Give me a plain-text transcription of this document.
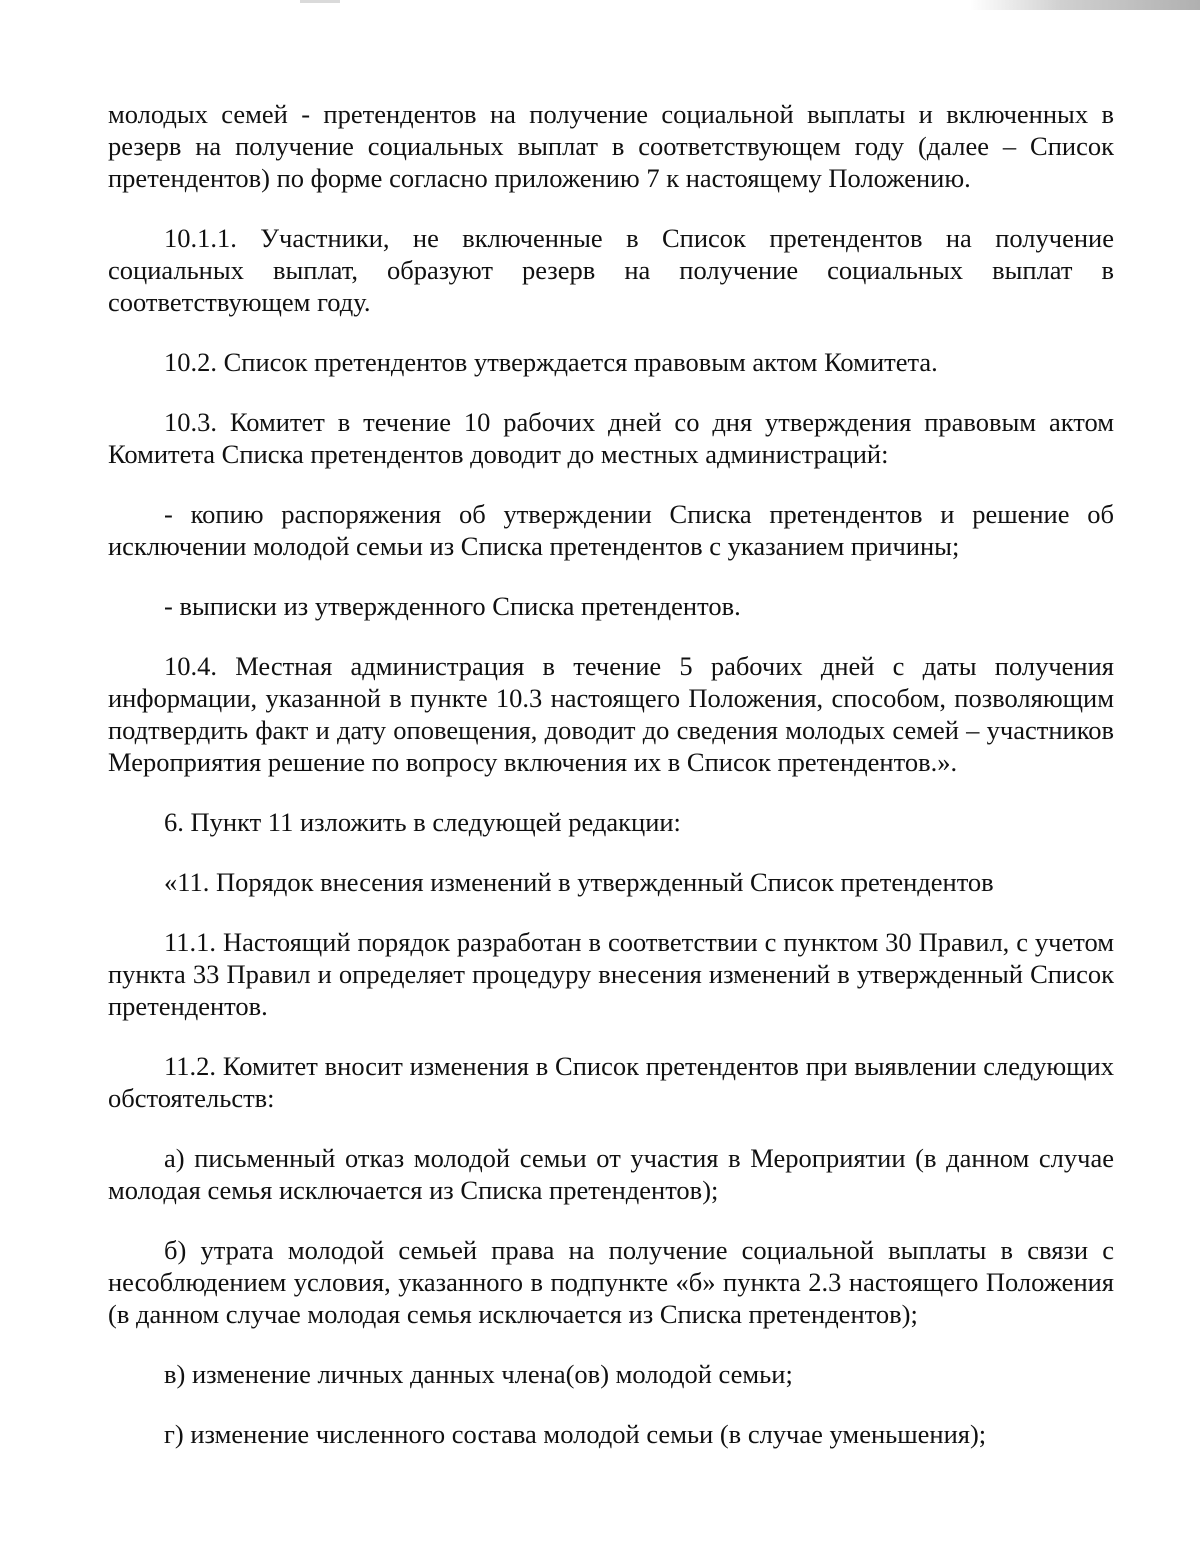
молодых семей - претендентов на получение социальной выплаты и включенных в резерв на получение социальных выплат в соответствующем году (далее – Список претендентов) по форме согласно приложению 7 к настоящему Положению.

10.1.1. Участники, не включенные в Список претендентов на получение социальных выплат, образуют резерв на получение социальных выплат в соответствующем году.

10.2. Список претендентов утверждается правовым актом Комитета.

10.3. Комитет в течение 10 рабочих дней со дня утверждения правовым актом Комитета Списка претендентов доводит до местных администраций:

- копию распоряжения об утверждении Списка претендентов и решение об исключении молодой семьи из Списка претендентов с указанием причины;

- выписки из утвержденного Списка претендентов.

10.4. Местная администрация в течение 5 рабочих дней с даты получения информации, указанной в пункте 10.3 настоящего Положения, способом, позволяющим подтвердить факт и дату оповещения, доводит до сведения молодых семей – участников Мероприятия решение по вопросу включения их в Список претендентов.».

6. Пункт 11 изложить в следующей редакции:

«11. Порядок внесения изменений в утвержденный Список претендентов

11.1. Настоящий порядок разработан в соответствии с пунктом 30 Правил, с учетом пункта 33 Правил и определяет процедуру внесения изменений в утвержденный Список претендентов.

11.2. Комитет вносит изменения в Список претендентов при выявлении следующих обстоятельств:

а) письменный отказ молодой семьи от участия в Мероприятии (в данном случае молодая семья исключается из Списка претендентов);

б) утрата молодой семьей права на получение социальной выплаты в связи с несоблюдением условия, указанного в подпункте «б» пункта 2.3 настоящего Положения (в данном случае молодая семья исключается из Списка претендентов);

в) изменение личных данных члена(ов) молодой семьи;

г) изменение численного состава молодой семьи (в случае уменьшения);
